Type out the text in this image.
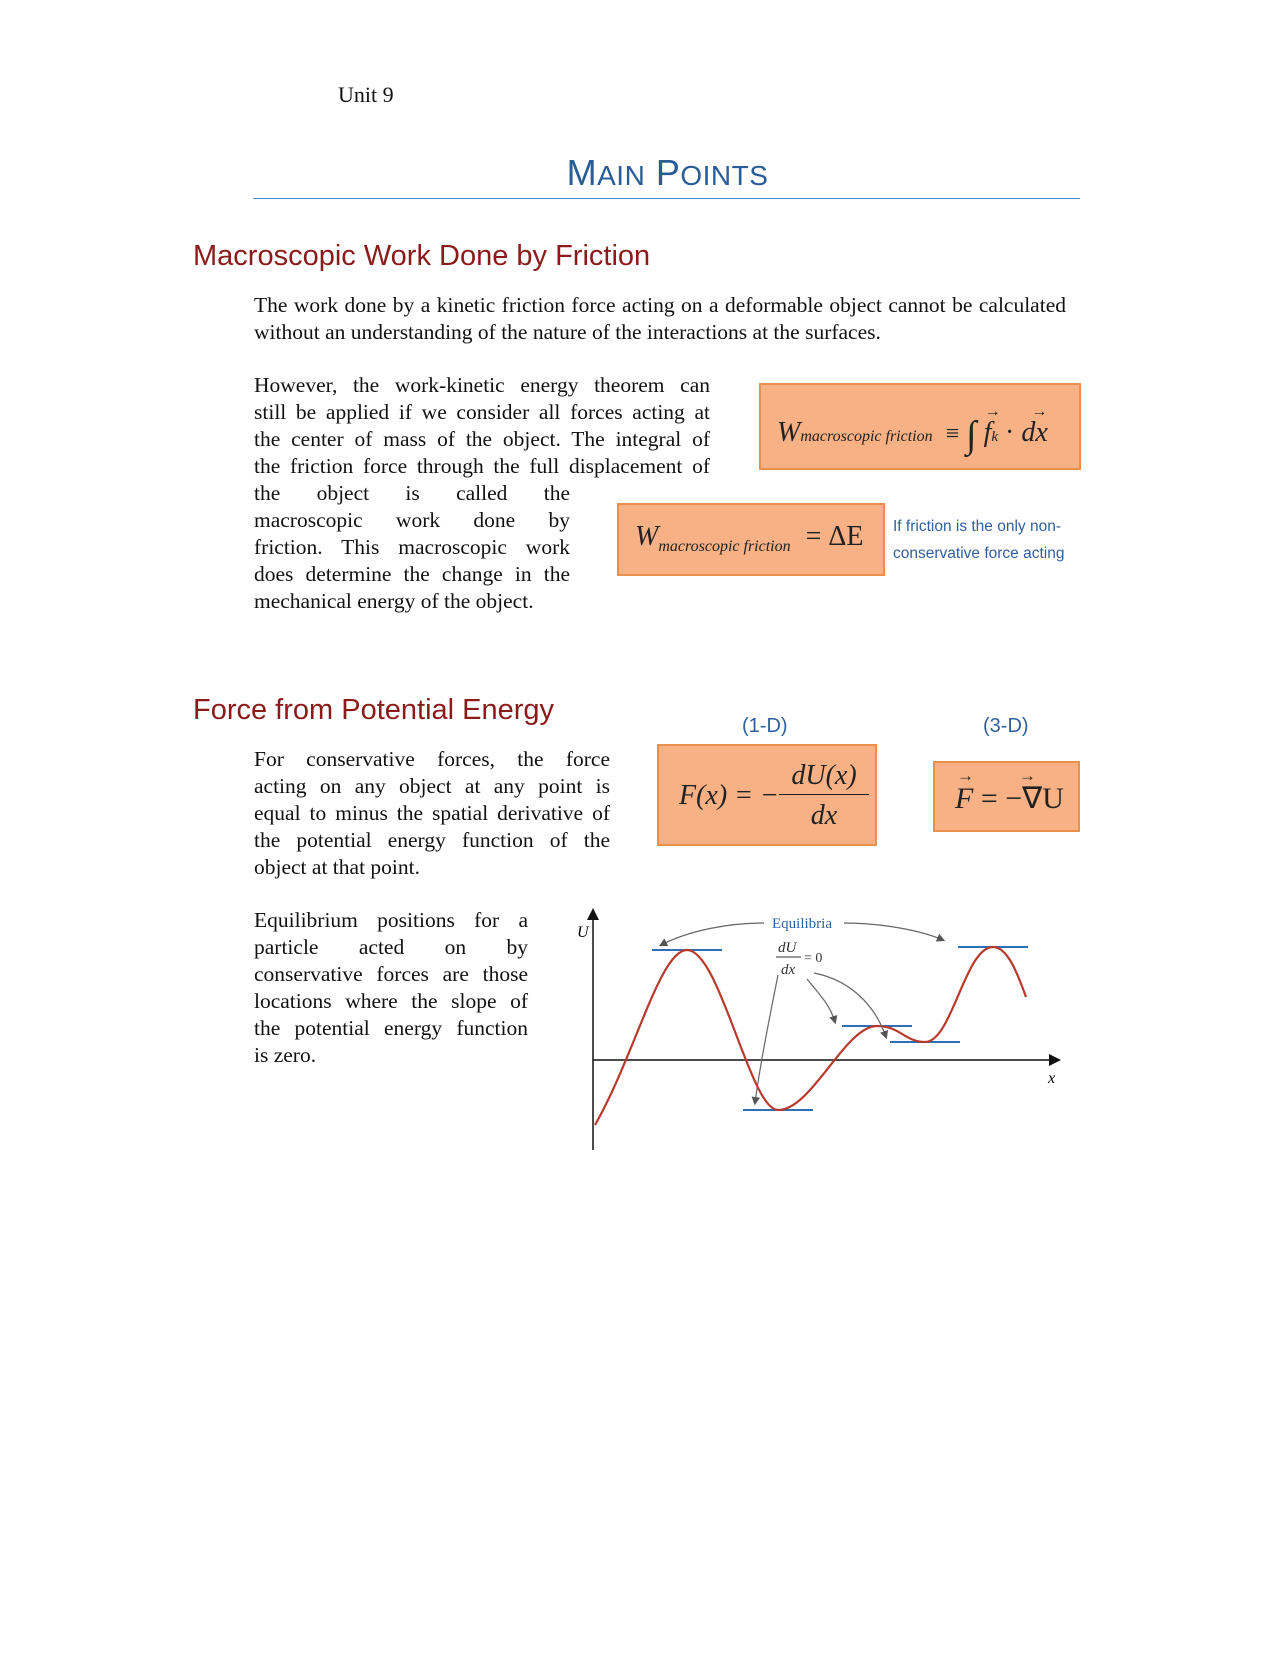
Unit 9
MAIN POINTS
Macroscopic Work Done by Friction
The work done by a kinetic friction force acting on a deformable object cannot be calculated without an understanding of the nature of the interactions at the surfaces.
However, the work-kinetic energy theorem can
still be applied if we consider all forces acting at
the center of mass of the object. The integral of
the friction force through the full displacement of
the object is called the
macroscopic work done by
friction. This macroscopic work
does determine the change in the
mechanical energy of the object.
Wmacroscopic friction ≡ ∫
→
fk ·
→
dx
$W_{macroscopic friction} = \Delta E$ If friction is the only non-
conservative force acting
Force from Potential Energy	(1-D)	(3-D)
For conservative forces, the force
acting on any object at any point is
equal to minus the spatial derivative of
the potential energy function of the
object at that point.
F(x) = −
dU(x)
dx
→
F
→
= −∇U
Equilibrium positions for a
particle acted on by
conservative forces are those
locations where the slope of
the potential energy function
is zero.
U
x
Equilibria
dU
dx
= 0
